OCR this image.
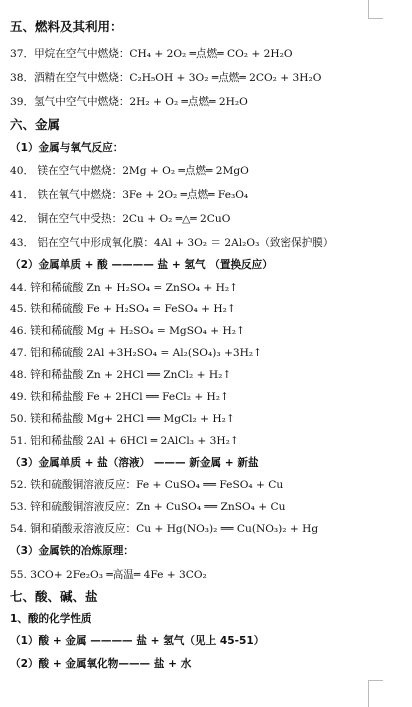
五、燃料及其利用：
37．甲烷在空气中燃烧：CH₄ + 2O₂ ═点燃═ CO₂ + 2H₂O
38．酒精在空气中燃烧：C₂H₅OH + 3O₂ ═点燃═ 2CO₂ + 3H₂O
39．氢气中空气中燃烧：2H₂ + O₂ ═点燃═ 2H₂O
六、金属
（1）金属与氧气反应：
40． 镁在空气中燃烧：2Mg + O₂ ═点燃═ 2MgO
41． 铁在氧气中燃烧：3Fe + 2O₂ ═点燃═ Fe₃O₄
42． 铜在空气中受热：2Cu + O₂ ═△═ 2CuO
43． 铝在空气中形成氧化膜：4Al + 3O₂ ＝ 2Al₂O₃（致密保护膜）
（2）金属单质 + 酸 ———— 盐 + 氢气 （置换反应）
44. 锌和稀硫酸 Zn + H₂SO₄ = ZnSO₄ + H₂↑
45. 铁和稀硫酸 Fe + H₂SO₄ = FeSO₄ + H₂↑
46. 镁和稀硫酸 Mg + H₂SO₄ = MgSO₄ + H₂↑
47. 铝和稀硫酸 2Al +3H₂SO₄ = Al₂(SO₄)₃ +3H₂↑
48. 锌和稀盐酸 Zn + 2HCl ══ ZnCl₂ + H₂↑
49. 铁和稀盐酸 Fe + 2HCl ══ FeCl₂ + H₂↑
50. 镁和稀盐酸 Mg+ 2HCl ══ MgCl₂ + H₂↑
51. 铝和稀盐酸 2Al + 6HCl ═ 2AlCl₃ + 3H₂↑
（3）金属单质 + 盐（溶液） ——— 新金属 + 新盐
52. 铁和硫酸铜溶液反应：Fe + CuSO₄ ══ FeSO₄ + Cu
53. 锌和硫酸铜溶液反应：Zn + CuSO₄ ══ ZnSO₄ + Cu
54. 铜和硝酸汞溶液反应：Cu + Hg(NO₃)₂ ══ Cu(NO₃)₂ + Hg
（3）金属铁的冶炼原理：
55. 3CO+ 2Fe₂O₃ ═高温═ 4Fe + 3CO₂
七、酸、碱、盐
1、酸的化学性质
（1）酸 + 金属 ———— 盐 + 氢气（见上 45-51）
（2）酸 + 金属氧化物——— 盐 + 水
